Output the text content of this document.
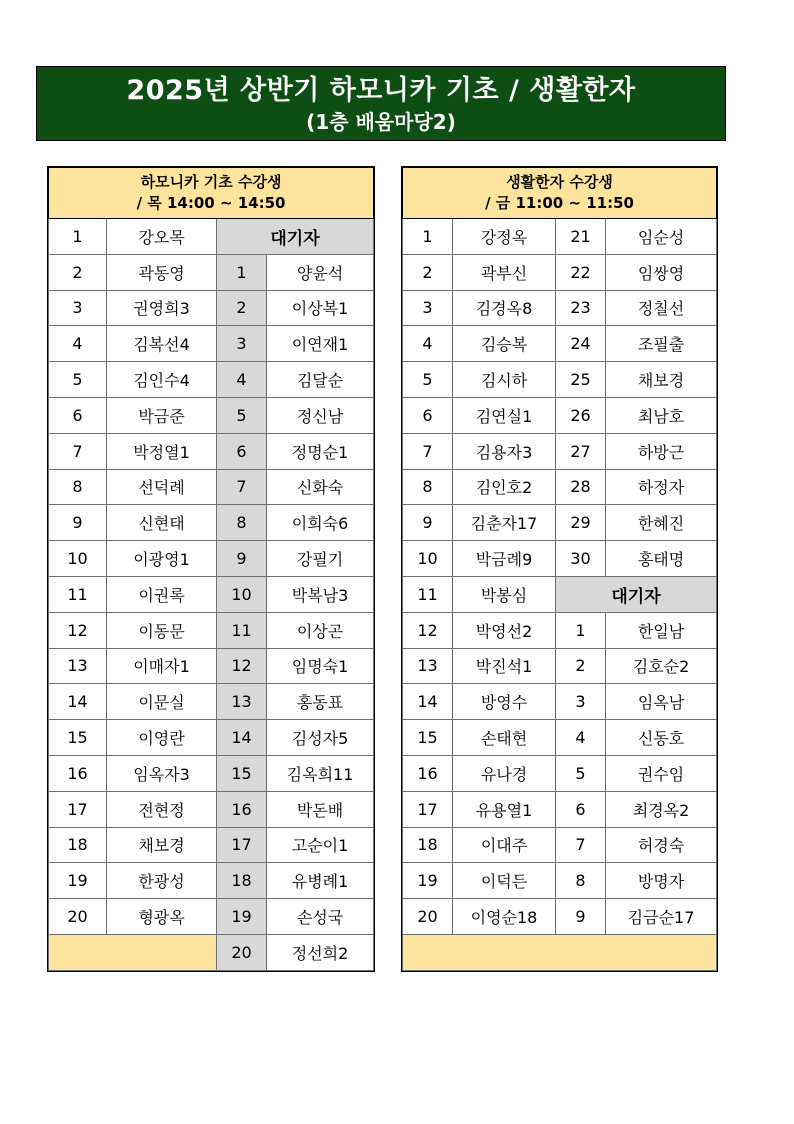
2025년 상반기 하모니카 기초 / 생활한자
(1층 배움마당2)
하모니카 기초 수강생
/ 목 14:00 ~ 14:50			

1	강오목	대기자	
2	곽동영	1	양윤석
3	권영희3	2	이상복1
4	김복선4	3	이연재1
5	김인수4	4	김달순
6	박금준	5	정신남
7	박정열1	6	정명순1
8	선덕례	7	신화숙
9	신현태	8	이희숙6
10	이광영1	9	강필기
11	이권록	10	박복남3
12	이동문	11	이상곤
13	이매자1	12	임명숙1
14	이문실	13	홍동표
15	이영란	14	김성자5
16	임옥자3	15	김옥희11
17	전현정	16	박돈배
18	채보경	17	고순이1
19	한광성	18	유병례1
20	형광옥	19	손성국
		20	정선희2
생활한자 수강생
/ 금 11:00 ~ 11:50			

1	강정옥	21	임순성
2	곽부신	22	임쌍영
3	김경옥8	23	정칠선
4	김승복	24	조필출
5	김시하	25	채보경
6	김연실1	26	최남호
7	김용자3	27	하방근
8	김인호2	28	하정자
9	김춘자17	29	한혜진
10	박금례9	30	홍태명
11	박봉심	대기자	
12	박영선2	1	한일남
13	박진석1	2	김호순2
14	방영수	3	임옥남
15	손태현	4	신동호
16	유나경	5	권수임
17	유용열1	6	최경옥2
18	이대주	7	허경숙
19	이덕든	8	방명자
20	이영순18	9	김금순17
